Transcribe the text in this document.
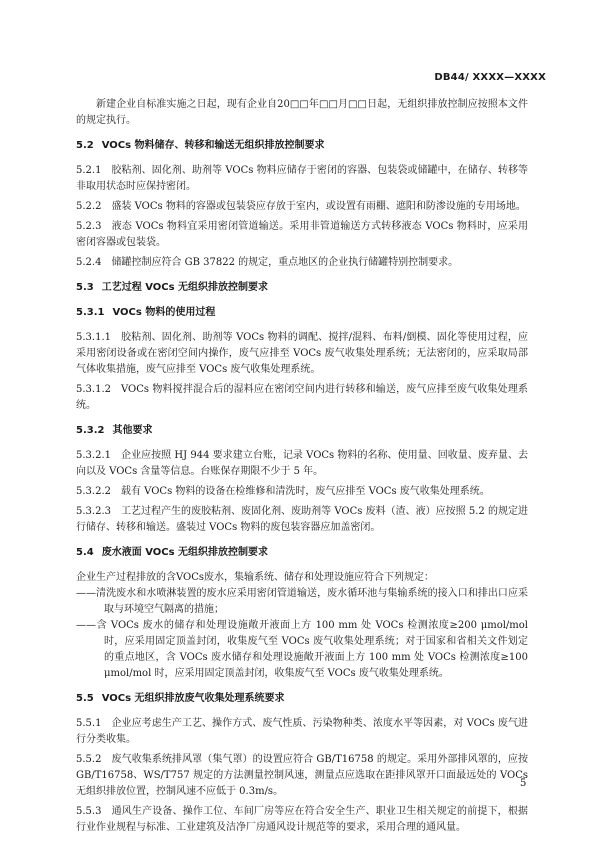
DB44/ XXXX—XXXX

新建企业自标准实施之日起，现有企业自20□□年□□月□□日起，无组织排放控制应按照本文件的规定执行。

5.2 VOCs 物料储存、转移和输送无组织排放控制要求

5.2.1 胶粘剂、固化剂、助剂等 VOCs 物料应储存于密闭的容器、包装袋或储罐中，在储存、转移等非取用状态时应保持密闭。

5.2.2 盛装 VOCs 物料的容器或包装袋应存放于室内，或设置有雨棚、遮阳和防渗设施的专用场地。

5.2.3 液态 VOCs 物料宜采用密闭管道输送。采用非管道输送方式转移液态 VOCs 物料时，应采用密闭容器或包装袋。

5.2.4 储罐控制应符合 GB 37822 的规定，重点地区的企业执行储罐特别控制要求。

5.3 工艺过程 VOCs 无组织排放控制要求

5.3.1 VOCs 物料的使用过程

5.3.1.1 胶粘剂、固化剂、助剂等 VOCs 物料的调配、搅拌/混料、布料/倒模、固化等使用过程，应采用密闭设备或在密闭空间内操作，废气应排至 VOCs 废气收集处理系统；无法密闭的，应采取局部气体收集措施，废气应排至 VOCs 废气收集处理系统。

5.3.1.2 VOCs 物料搅拌混合后的湿料应在密闭空间内进行转移和输送，废气应排至废气收集处理系统。

5.3.2 其他要求

5.3.2.1 企业应按照 HJ 944 要求建立台账，记录 VOCs 物料的名称、使用量、回收量、废弃量、去向以及 VOCs 含量等信息。台账保存期限不少于 5 年。

5.3.2.2 载有 VOCs 物料的设备在检维修和清洗时，废气应排至 VOCs 废气收集处理系统。

5.3.2.3 工艺过程产生的废胶粘剂、废固化剂、废助剂等 VOCs 废料（渣、液）应按照 5.2 的规定进行储存、转移和输送。盛装过 VOCs 物料的废包装容器应加盖密闭。

5.4 废水液面 VOCs 无组织排放控制要求

企业生产过程排放的含VOCs废水，集输系统、储存和处理设施应符合下列规定：

——清洗废水和水喷淋装置的废水应采用密闭管道输送，废水循环池与集输系统的接入口和排出口应采取与环境空气隔离的措施；

——含 VOCs 废水的储存和处理设施敞开液面上方 100 mm 处 VOCs 检测浓度≥200 μmol/mol 时，应采用固定顶盖封闭，收集废气至 VOCs 废气收集处理系统；对于国家和省相关文件划定的重点地区，含 VOCs 废水储存和处理设施敞开液面上方 100 mm 处 VOCs 检测浓度≥100 μmol/mol 时，应采用固定顶盖封闭，收集废气至 VOCs 废气收集处理系统。

5.5 VOCs 无组织排放废气收集处理系统要求

5.5.1 企业应考虑生产工艺、操作方式、废气性质、污染物种类、浓度水平等因素，对 VOCs 废气进行分类收集。

5.5.2 废气收集系统排风罩（集气罩）的设置应符合 GB/T16758 的规定。采用外部排风罩的，应按 GB/T16758、WS/T757 规定的方法测量控制风速，测量点应选取在距排风罩开口面最远处的 VOCs 无组织排放位置，控制风速不应低于 0.3m/s。

5.5.3 通风生产设备、操作工位、车间厂房等应在符合安全生产、职业卫生相关规定的前提下，根据行业作业规程与标准、工业建筑及洁净厂房通风设计规范等的要求，采用合理的通风量。

5
